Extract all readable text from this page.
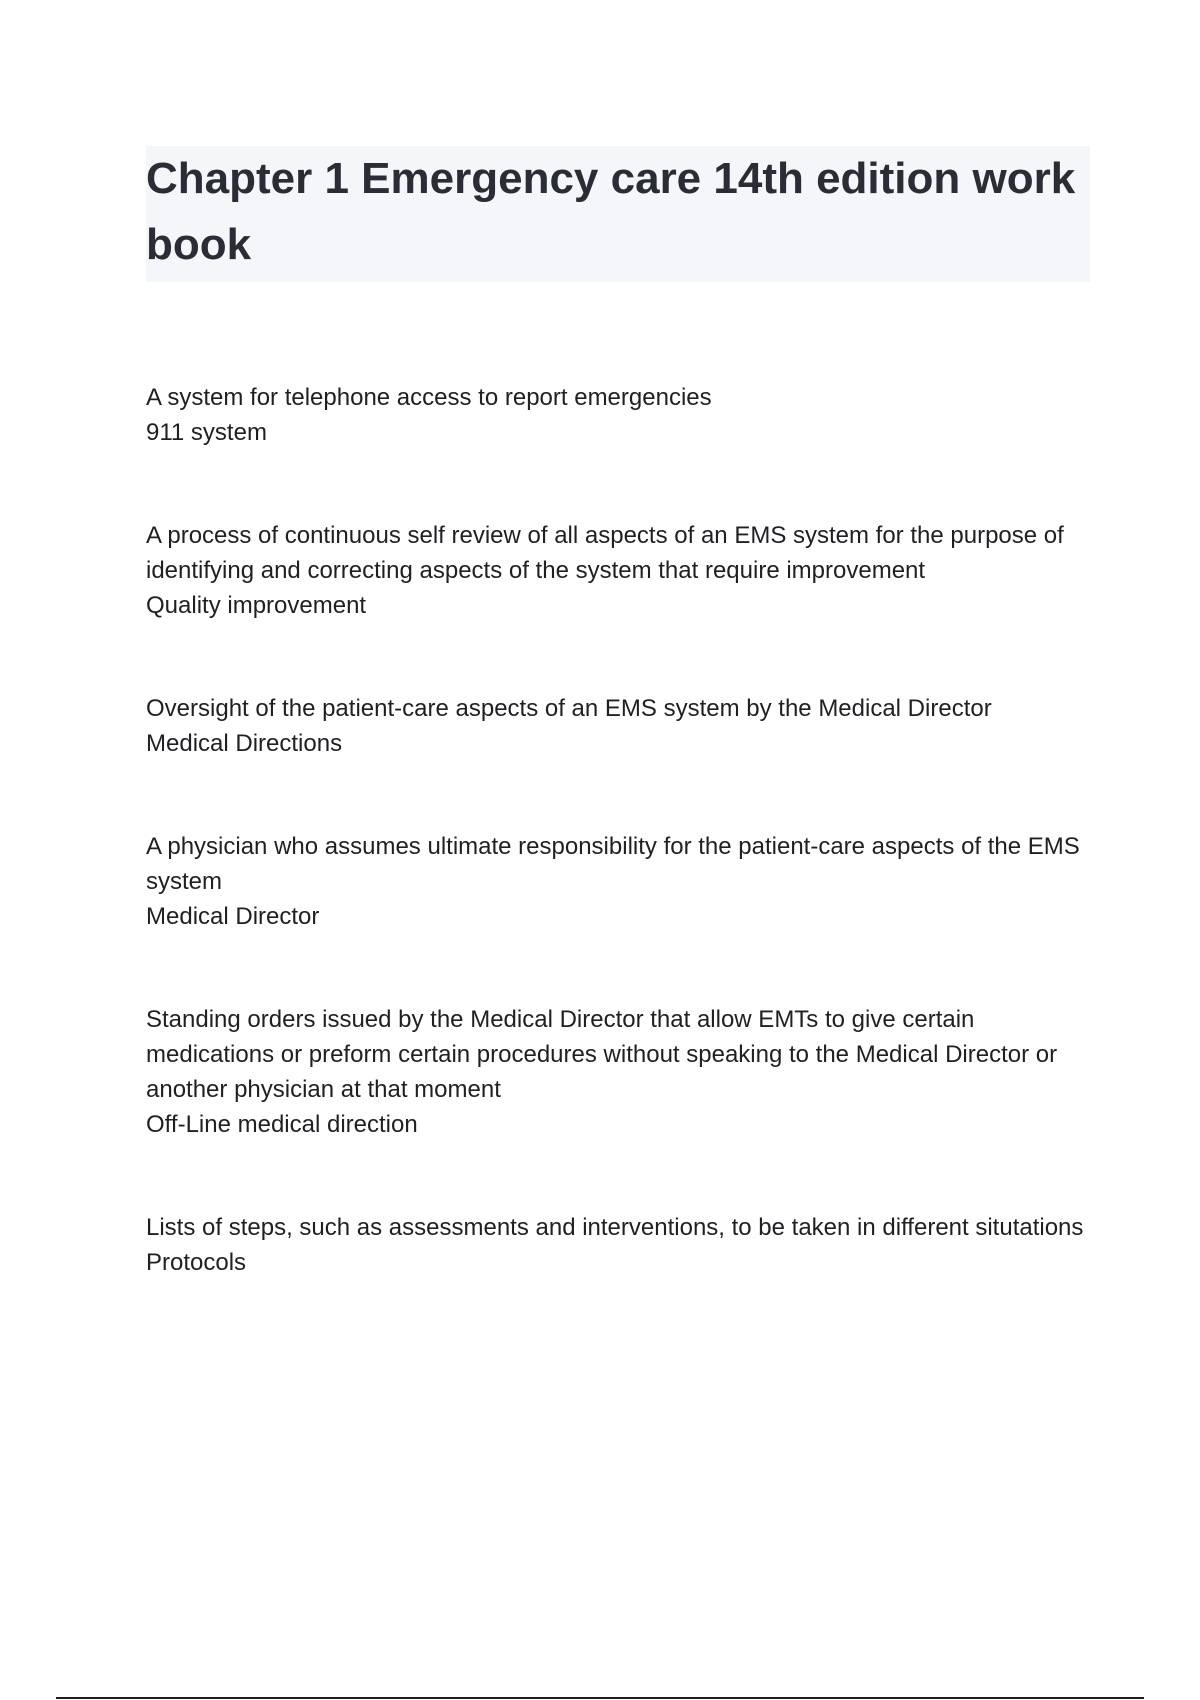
Chapter 1 Emergency care 14th edition work book
A system for telephone access to report emergencies
911 system
A process of continuous self review of all aspects of an EMS system for the purpose of identifying and correcting aspects of the system that require improvement
Quality improvement
Oversight of the patient-care aspects of an EMS system by the Medical Director
Medical Directions
A physician who assumes ultimate responsibility for the patient-care aspects of the EMS system
Medical Director
Standing orders issued by the Medical Director that allow EMTs to give certain medications or preform certain procedures without speaking to the Medical Director or another physician at that moment
Off-Line medical direction
Lists of steps, such as assessments and interventions, to be taken in different situtations
Protocols
